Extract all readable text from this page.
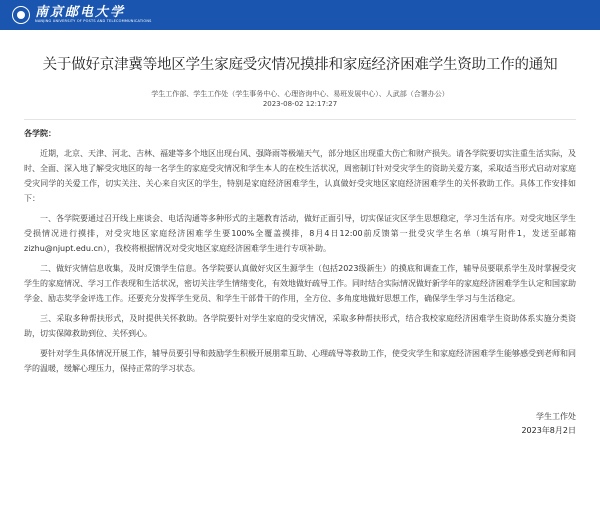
南京邮电大学
NANJING UNIVERSITY OF POSTS AND TELECOMMUNICATIONS
关于做好京津冀等地区学生家庭受灾情况摸排和家庭经济困难学生资助工作的通知
学生工作部、学生工作处（学生事务中心、心理咨询中心、易班发展中心）、人武部（合署办公）
2023-08-02 12:17:27
各学院：

近期，北京、天津、河北、吉林、福建等多个地区出现台风、强降雨等极端天气，部分地区出现重大伤亡和财产损失。请各学院要切实注重生活实际，及时、全面、深入地了解受灾地区的每一名学生的家庭受灾情况和学生本人的在校生活状况，周密制订针对受灾学生的资助关爱方案，采取适当形式启动对家庭受灾同学的关爱工作，切实关注、关心来自灾区的学生，特别是家庭经济困难学生，认真做好受灾地区家庭经济困难学生的关怀救助工作。具体工作安排如下：

一、各学院要通过召开线上座谈会、电话沟通等多种形式的主题教育活动，做好正面引导，切实保证灾区学生思想稳定，学习生活有序。对受灾地区学生受损情况进行摸排，对受灾地区家庭经济困难学生要100%全覆盖摸排，8月4日12:00前反馈第一批受灾学生名单（填写附件1，发送至邮箱zizhu@njupt.edu.cn），我校将根据情况对受灾地区家庭经济困难学生进行专项补助。

二、做好灾情信息收集，及时反馈学生信息。各学院要认真做好灾区生源学生（包括2023级新生）的摸底和调查工作，辅导员要联系学生及时掌握受灾学生的家庭情况、学习工作表现和生活状况，密切关注学生情绪变化，有效地做好疏导工作。同时结合实际情况做好新学年的家庭经济困难学生认定和国家助学金、励志奖学金评选工作。还要充分发挥学生党员、和学生干部骨干的作用，全方位、多角度地做好思想工作，确保学生学习与生活稳定。

三、采取多种帮扶形式，及时提供关怀救助。各学院要针对学生家庭的受灾情况，采取多种帮扶形式，结合我校家庭经济困难学生资助体系实施分类资助，切实保障救助到位、关怀到心。

要针对学生具体情况开展工作，辅导员要引导和鼓励学生积极开展朋辈互助、心理疏导等救助工作，使受灾学生和家庭经济困难学生能够感受到老师和同学的温暖，缓解心理压力，保持正常的学习状态。

学生工作处
2023年8月2日
